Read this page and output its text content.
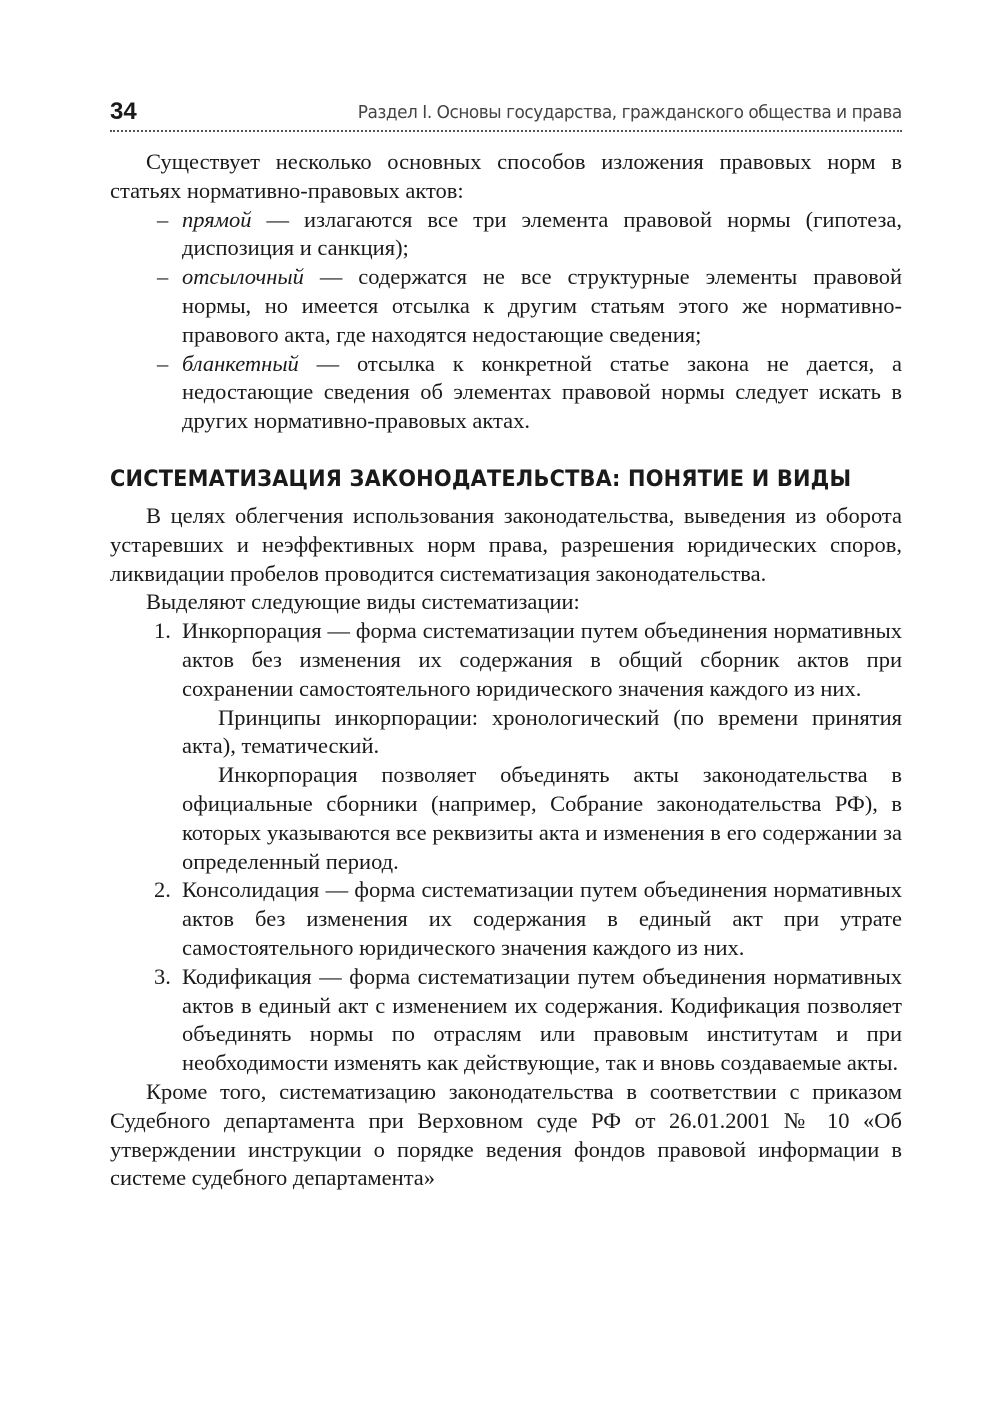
34	Раздел I. Основы государства, гражданского общества и права

Существует несколько основных способов изложения правовых норм в статьях нормативно-правовых актов:

– прямой — излагаются все три элемента правовой нормы (гипотеза, диспозиция и санкция);
– отсылочный — содержатся не все структурные элементы правовой нормы, но имеется отсылка к другим статьям этого же нормативно-правового акта, где находятся недостающие сведения;
– бланкетный — отсылка к конкретной статье закона не дается, а недостающие сведения об элементах правовой нормы следует искать в других нормативно-правовых актах.
СИСТЕМАТИЗАЦИЯ ЗАКОНОДАТЕЛЬСТВА: ПОНЯТИЕ И ВИДЫ

В целях облегчения использования законодательства, выведения из оборота устаревших и неэффективных норм права, разрешения юридических споров, ликвидации пробелов проводится систематизация законодательства.

Выделяют следующие виды систематизации:

1. Инкорпорация — форма систематизации путем объединения нормативных актов без изменения их содержания в общий сборник актов при сохранении самостоятельного юридического значения каждого из них.

Принципы инкорпорации: хронологический (по времени принятия акта), тематический.

Инкорпорация позволяет объединять акты законодательства в официальные сборники (например, Собрание законодательства РФ), в которых указываются все реквизиты акта и изменения в его содержании за определенный период.

2. Консолидация — форма систематизации путем объединения нормативных актов без изменения их содержания в единый акт при утрате самостоятельного юридического значения каждого из них.

3. Кодификация — форма систематизации путем объединения нормативных актов в единый акт с изменением их содержания. Кодификация позволяет объединять нормы по отраслям или правовым институтам и при необходимости изменять как действующие, так и вновь создаваемые акты.

Кроме того, систематизацию законодательства в соответствии с приказом Судебного департамента при Верховном суде РФ от 26.01.2001 № 10 «Об утверждении инструкции о порядке ведения фондов правовой информации в системе судебного департамента»
